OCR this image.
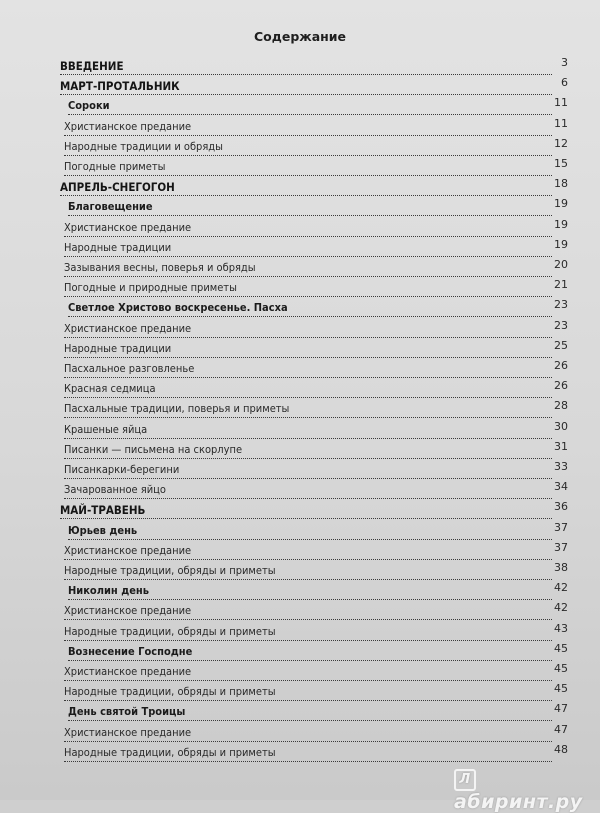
Содержание
ВВЕДЕНИЕ	3
МАРТ-ПРОТАЛЬНИК	6
Сороки	11
Христианское предание	11
Народные традиции и обряды	12
Погодные приметы	15
АПРЕЛЬ-СНЕГОГОН	18
Благовещение	19
Христианское предание	19
Народные традиции	19
Зазывания весны, поверья и обряды	20
Погодные и природные приметы	21
Светлое Христово воскресенье. Пасха	23
Христианское предание	23
Народные традиции	25
Пасхальное разговленье	26
Красная седмица	26
Пасхальные традиции, поверья и приметы	28
Крашеные яйца	30
Писанки — письмена на скорлупе	31
Писанкарки-берегини	33
Зачарованное яйцо	34
МАЙ-ТРАВЕНЬ	36
Юрьев день	37
Христианское предание	37
Народные традиции, обряды и приметы	38
Николин день	42
Христианское предание	42
Народные традиции, обряды и приметы	43
Вознесение Господне	45
Христианское предание	45
Народные традиции, обряды и приметы	45
День святой Троицы	47
Христианское предание	47
Народные традиции, обряды и приметы	48
Лабиринт.ру
